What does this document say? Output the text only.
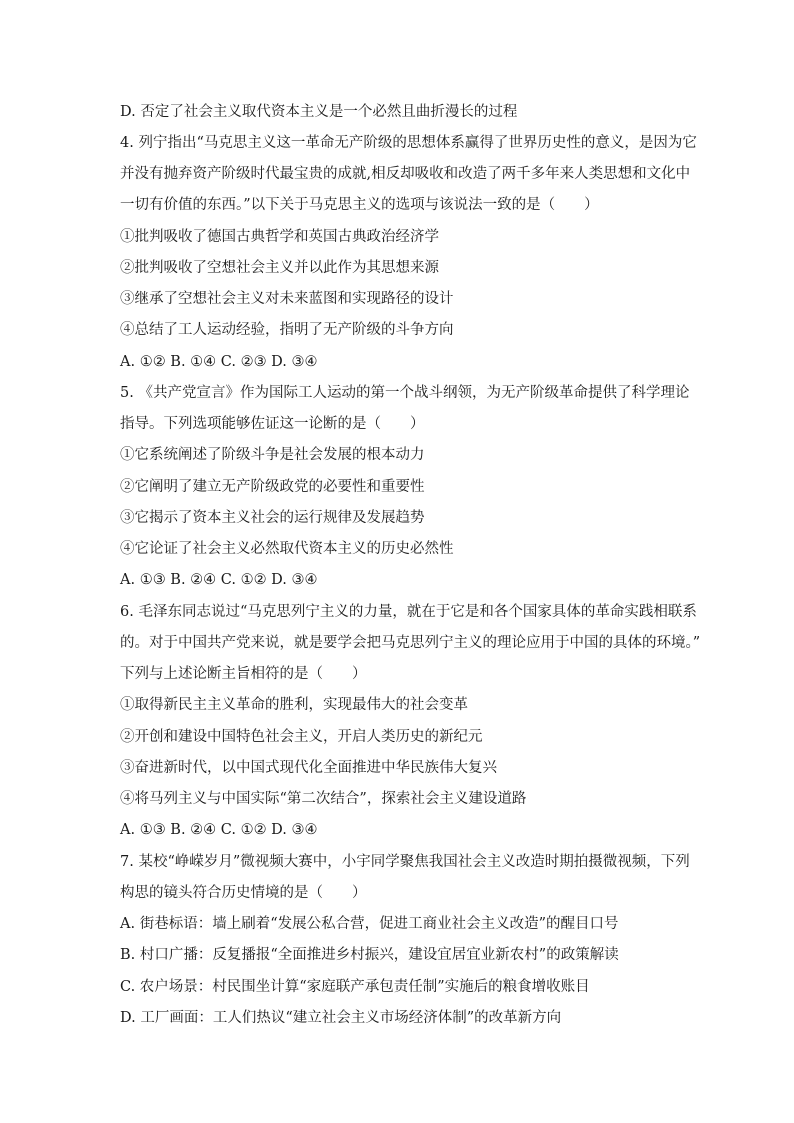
D. 否定了社会主义取代资本主义是一个必然且曲折漫长的过程
4. 列宁指出“马克思主义这一革命无产阶级的思想体系赢得了世界历史性的意义，是因为它
并没有抛弃资产阶级时代最宝贵的成就,相反却吸收和改造了两千多年来人类思想和文化中
一切有价值的东西。”以下关于马克思主义的选项与该说法一致的是（　　）
①批判吸收了德国古典哲学和英国古典政治经济学
②批判吸收了空想社会主义并以此作为其思想来源
③继承了空想社会主义对未来蓝图和实现路径的设计
④总结了工人运动经验，指明了无产阶级的斗争方向
A. ①② B. ①④ C. ②③ D. ③④
5. 《共产党宣言》作为国际工人运动的第一个战斗纲领，为无产阶级革命提供了科学理论
指导。下列选项能够佐证这一论断的是（　　）
①它系统阐述了阶级斗争是社会发展的根本动力
②它阐明了建立无产阶级政党的必要性和重要性
③它揭示了资本主义社会的运行规律及发展趋势
④它论证了社会主义必然取代资本主义的历史必然性
A. ①③ B. ②④ C. ①② D. ③④
6. 毛泽东同志说过“马克思列宁主义的力量，就在于它是和各个国家具体的革命实践相联系
的。对于中国共产党来说，就是要学会把马克思列宁主义的理论应用于中国的具体的环境。”
下列与上述论断主旨相符的是（　　）
①取得新民主主义革命的胜利，实现最伟大的社会变革
②开创和建设中国特色社会主义，开启人类历史的新纪元
③奋进新时代，以中国式现代化全面推进中华民族伟大复兴
④将马列主义与中国实际“第二次结合”，探索社会主义建设道路
A. ①③ B. ②④ C. ①② D. ③④
7. 某校“峥嵘岁月”微视频大赛中，小宇同学聚焦我国社会主义改造时期拍摄微视频，下列
构思的镜头符合历史情境的是（　　）
A. 街巷标语：墙上刷着“发展公私合营，促进工商业社会主义改造”的醒目口号
B. 村口广播：反复播报“全面推进乡村振兴，建设宜居宜业新农村”的政策解读
C. 农户场景：村民围坐计算“家庭联产承包责任制”实施后的粮食增收账目
D. 工厂画面：工人们热议“建立社会主义市场经济体制”的改革新方向
